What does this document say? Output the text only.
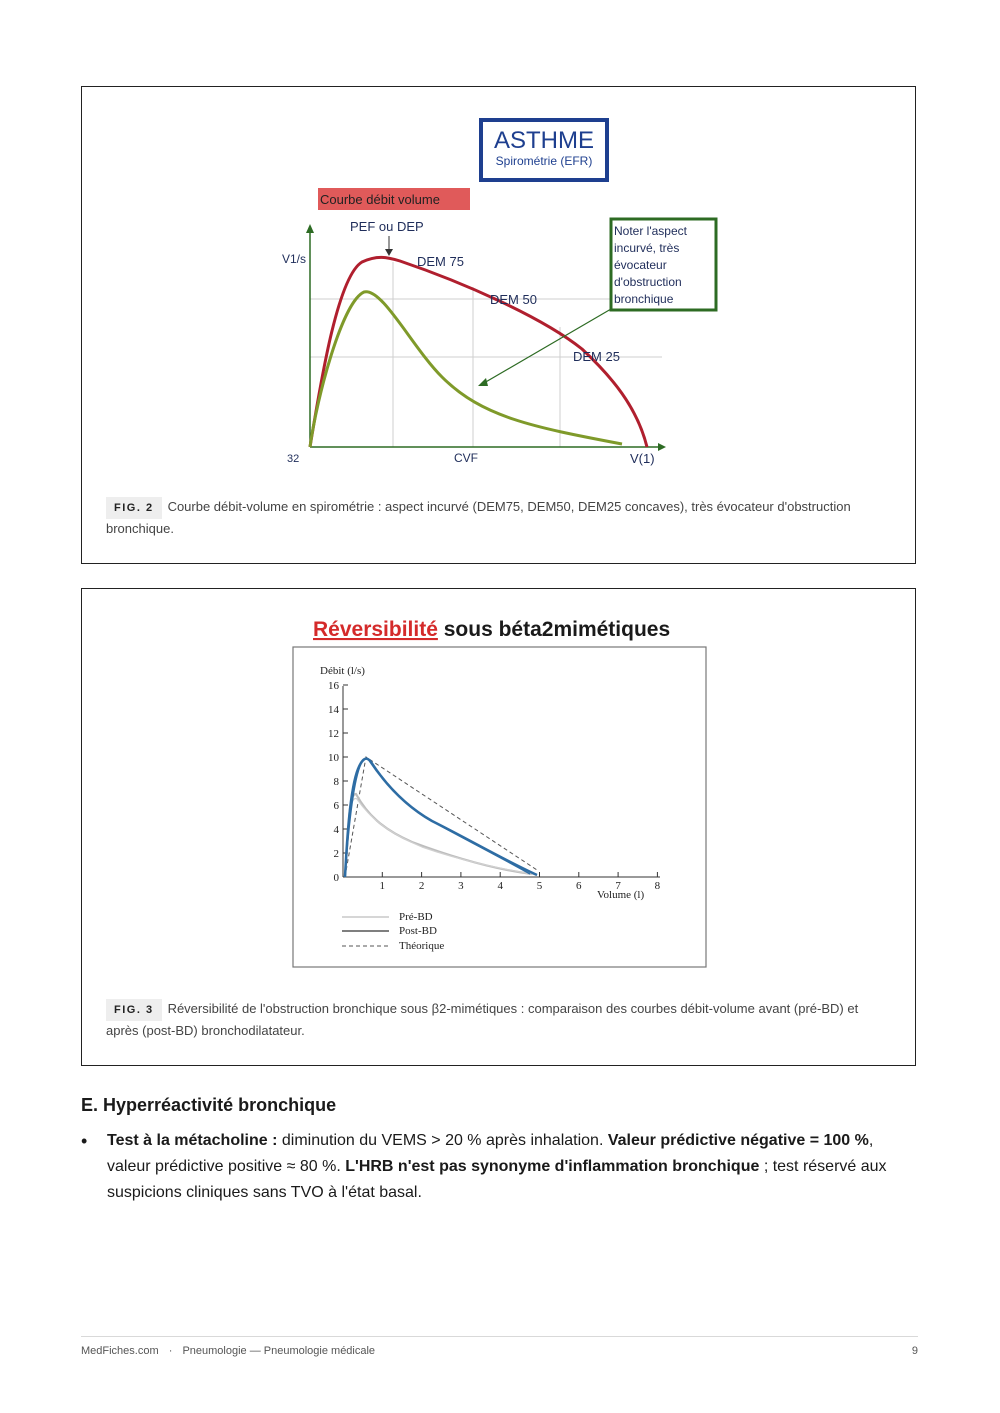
ASTHME
Spirométrie (EFR)
Courbe débit volume
PEF ou DEP
V1/s	DEM 75
DEM 50
DEM 25
Noter l'aspect incurvé, très évocateur d'obstruction bronchique
32	CVF	V(1)
FIG. 2 Courbe débit-volume en spirométrie : aspect incurvé (DEM75, DEM50, DEM25 concaves), très évocateur d'obstruction bronchique.
Réversibilité sous béta2mimétiques
Débit (l/s)
0
2
4
6
8
10
12
14
16
1	2	3	4	5	6	7	8
Volume (l)
Pré-BD
Post-BD
Théorique
FIG. 3 Réversibilité de l'obstruction bronchique sous β2-mimétiques : comparaison des courbes débit-volume avant (pré-BD) et après (post-BD) bronchodilatateur.
E. Hyperréactivité bronchique
• Test à la métacholine : diminution du VEMS > 20 % après inhalation. Valeur prédictive négative = 100 %, valeur prédictive positive ≈ 80 %. L'HRB n'est pas synonyme d'inflammation bronchique ; test réservé aux suspicions cliniques sans TVO à l'état basal.
MedFiches.com · Pneumologie — Pneumologie médicale	9
